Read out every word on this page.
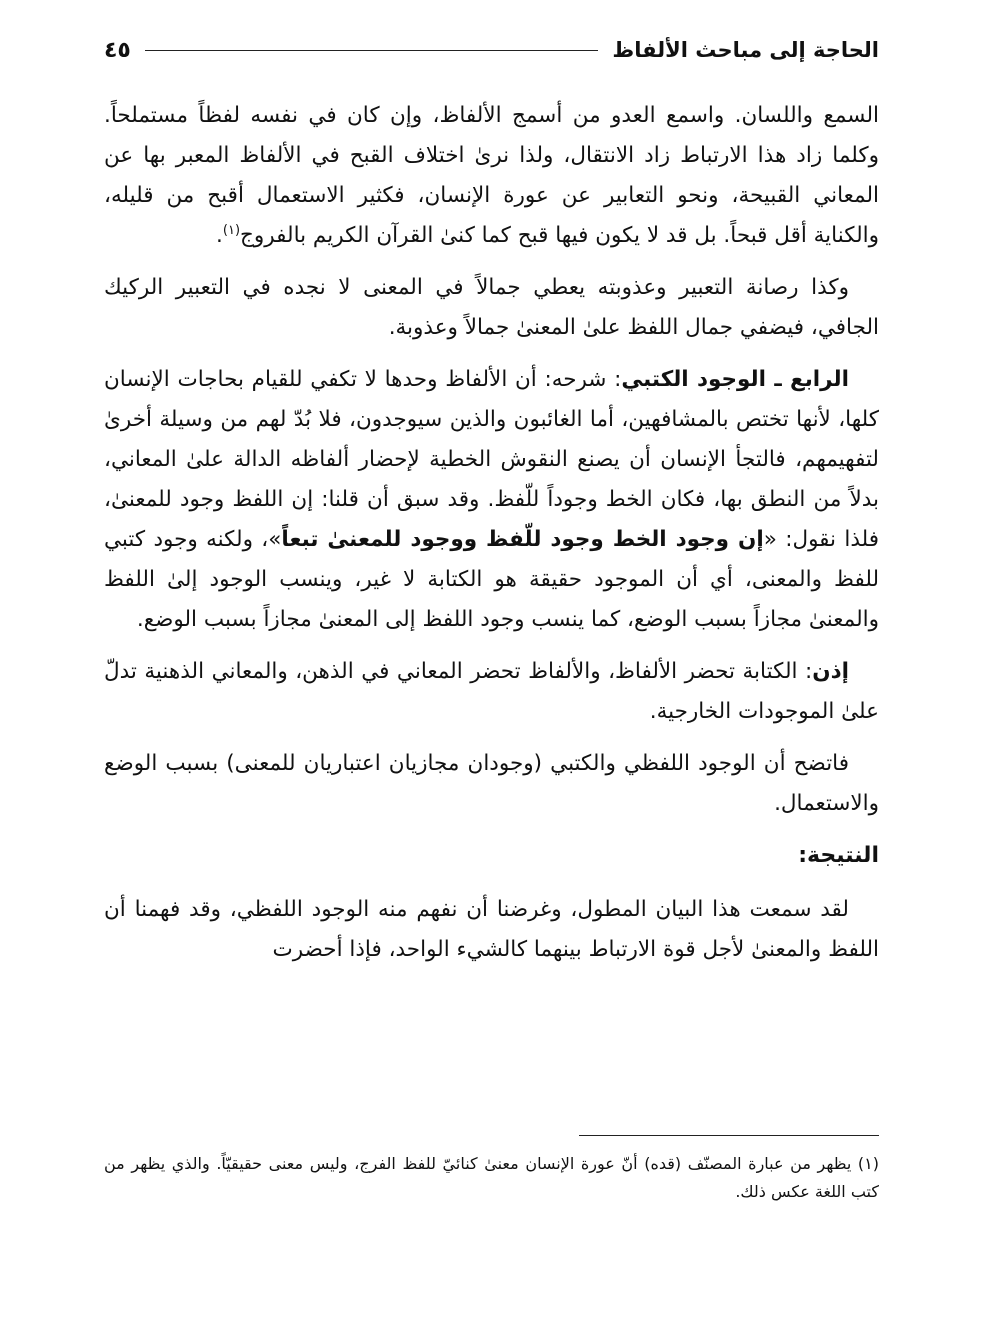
الحاجة إلى مباحث الألفاظ
٤٥

السمع واللسان. واسمع العدو من أسمج الألفاظ، وإن كان في نفسه لفظاً مستملحاً. وكلما زاد هذا الارتباط زاد الانتقال، ولذا نرىٰ اختلاف القبح في الألفاظ المعبر بها عن المعاني القبيحة، ونحو التعابير عن عورة الإنسان، فكثير الاستعمال أقبح من قليله، والكناية أقل قبحاً. بل قد لا يكون فيها قبح كما كنىٰ القرآن الكريم بالفروج$^{(١)}$.

وكذا رصانة التعبير وعذوبته يعطي جمالاً في المعنى لا نجده في التعبير الركيك الجافي، فيضفي جمال اللفظ علىٰ المعنىٰ جمالاً وعذوبة.

الرابع ـ الوجود الكتبي: شرحه: أن الألفاظ وحدها لا تكفي للقيام بحاجات الإنسان كلها، لأنها تختص بالمشافهين، أما الغائبون والذين سيوجدون، فلا بُدّ لهم من وسيلة أخرىٰ لتفهيمهم، فالتجأ الإنسان أن يصنع النقوش الخطية لإحضار ألفاظه الدالة علىٰ المعاني، بدلاً من النطق بها، فكان الخط وجوداً للّفظ. وقد سبق أن قلنا: إن اللفظ وجود للمعنىٰ، فلذا نقول: «إن وجود الخط وجود للّفظ ووجود للمعنىٰ تبعاً»، ولكنه وجود كتبي للفظ والمعنى، أي أن الموجود حقيقة هو الكتابة لا غير، وينسب الوجود إلىٰ اللفظ والمعنىٰ مجازاً بسبب الوضع، كما ينسب وجود اللفظ إلى المعنىٰ مجازاً بسبب الوضع.

إذن: الكتابة تحضر الألفاظ، والألفاظ تحضر المعاني في الذهن، والمعاني الذهنية تدلّ علىٰ الموجودات الخارجية.

فاتضح أن الوجود اللفظي والكتبي (وجودان مجازيان اعتباريان للمعنى) بسبب الوضع والاستعمال.

النتيجة:

لقد سمعت هذا البيان المطول، وغرضنا أن نفهم منه الوجود اللفظي، وقد فهمنا أن اللفظ والمعنىٰ لأجل قوة الارتباط بينهما كالشيء الواحد، فإذا أحضرت

(١) يظهر من عبارة المصنّف (قده) أنّ عورة الإنسان معنىٰ كنائيّ للفظ الفرج، وليس معنى حقيقيّاً. والذي يظهر من كتب اللغة عكس ذلك.
